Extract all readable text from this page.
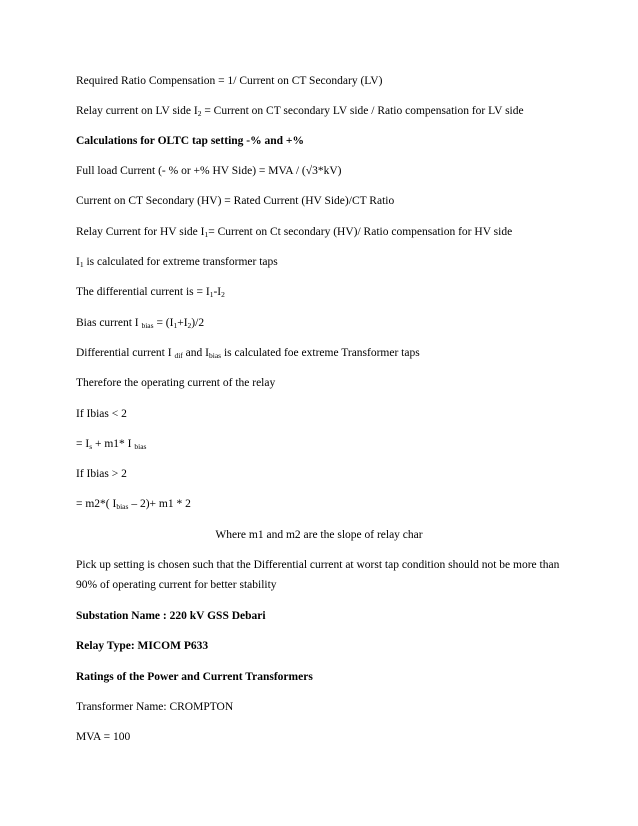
Required Ratio Compensation = 1/ Current on CT Secondary (LV)
Relay current on LV side $I_2$ = Current on CT secondary LV side / Ratio compensation for LV side
Calculations for OLTC tap setting -% and +%
Full load Current (- % or +% HV Side) = MVA / (√3*kV)
Current on CT Secondary (HV) = Rated Current (HV Side)/CT Ratio
Relay Current for HV side $I_1=$ Current on Ct secondary (HV)/ Ratio compensation for HV side
$I_1$ is calculated for extreme transformer taps
The differential current is = $I_1-I_2$
Bias current I $_{bias} = (I_1+I_2)/2$
Differential current I $_{dif}$ and $I_{bias}$ is calculated foe extreme Transformer taps
Therefore the operating current of the relay
If Ibias < 2
= $I_s + m1*$ I $_{bias}$
If Ibias > 2
= m2*( $I_{bias} - 2)+ m1 * 2$
Where m1 and m2 are the slope of relay char
Pick up setting is chosen such that the Differential current at worst tap condition should not be more than
90% of operating current for better stability
Substation Name : 220 kV GSS Debari
Relay Type: MICOM P633
Ratings of the Power and Current Transformers
Transformer Name: CROMPTON
MVA = 100
